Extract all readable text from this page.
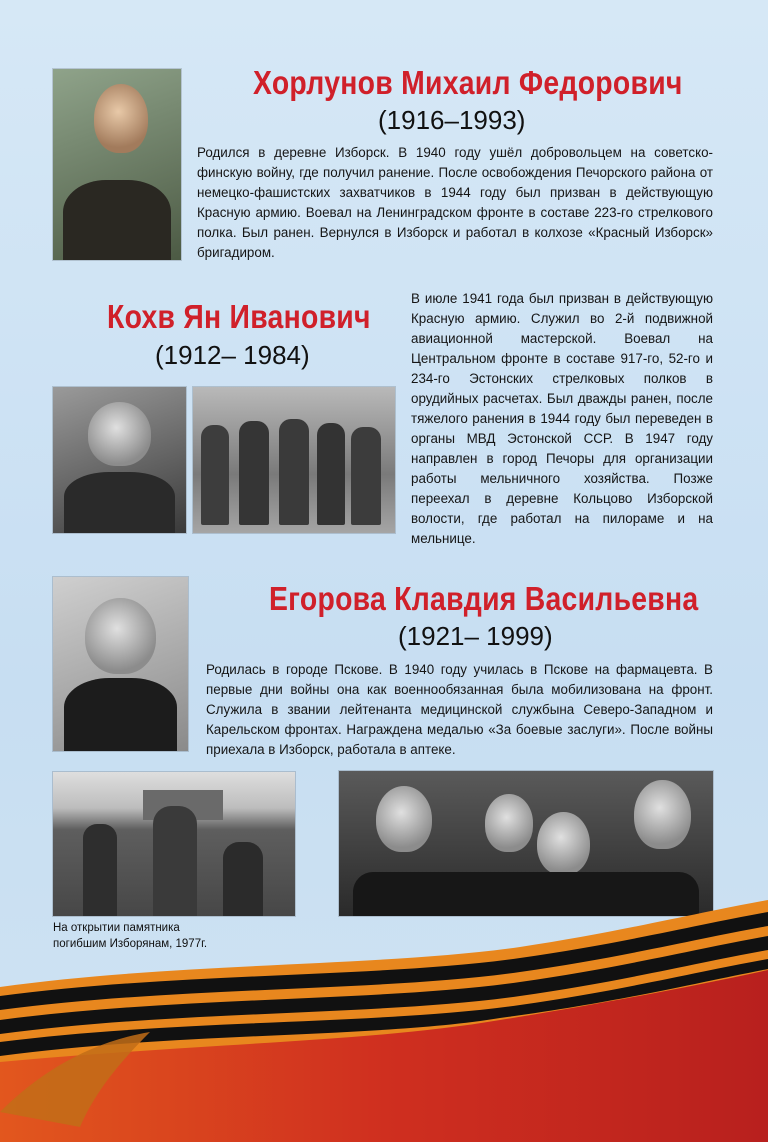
Хорлунов Михаил Федорович

(1916–1993)

Родился в деревне Изборск. В 1940 году ушёл добровольцем на советско-финскую войну, где получил ранение. После освобождения Печорского района от немецко-фашистских захватчиков в 1944 году был призван в действующую Красную армию. Воевал на Ленинградском фронте в составе 223-го стрелкового полка. Был ранен. Вернулся в Изборск и работал в колхозе «Красный Изборск» бригадиром.

Кохв Ян Иванович

(1912– 1984)

В июле 1941 года был призван в действующую Красную армию. Служил во 2-й подвижной авиационной мастерской. Воевал на Центральном фронте в составе 917-го, 52-го и 234-го Эстонских стрелковых полков в орудийных расчетах. Был дважды ранен, после тяжелого ранения в 1944 году был переведен в органы МВД Эстонской ССР. В 1947 году направлен в город Печоры для организации работы мельничного хозяйства. Позже переехал в деревне Кольцово Изборской волости, где работал на пилораме и на мельнице.

Егорова Клавдия Васильевна

(1921– 1999)

Родилась в городе Пскове. В 1940 году училась в Пскове на фармацевта. В первые дни войны она как военнообязанная была мобилизована на фронт. Служила в звании лейтенанта медицинской службына Северо-Западном и Карельском фронтах. Награждена медалью «За боевые заслуги». После войны приехала в Изборск, работала в аптеке.

На открытии памятника погибшим Изборянам, 1977г.
